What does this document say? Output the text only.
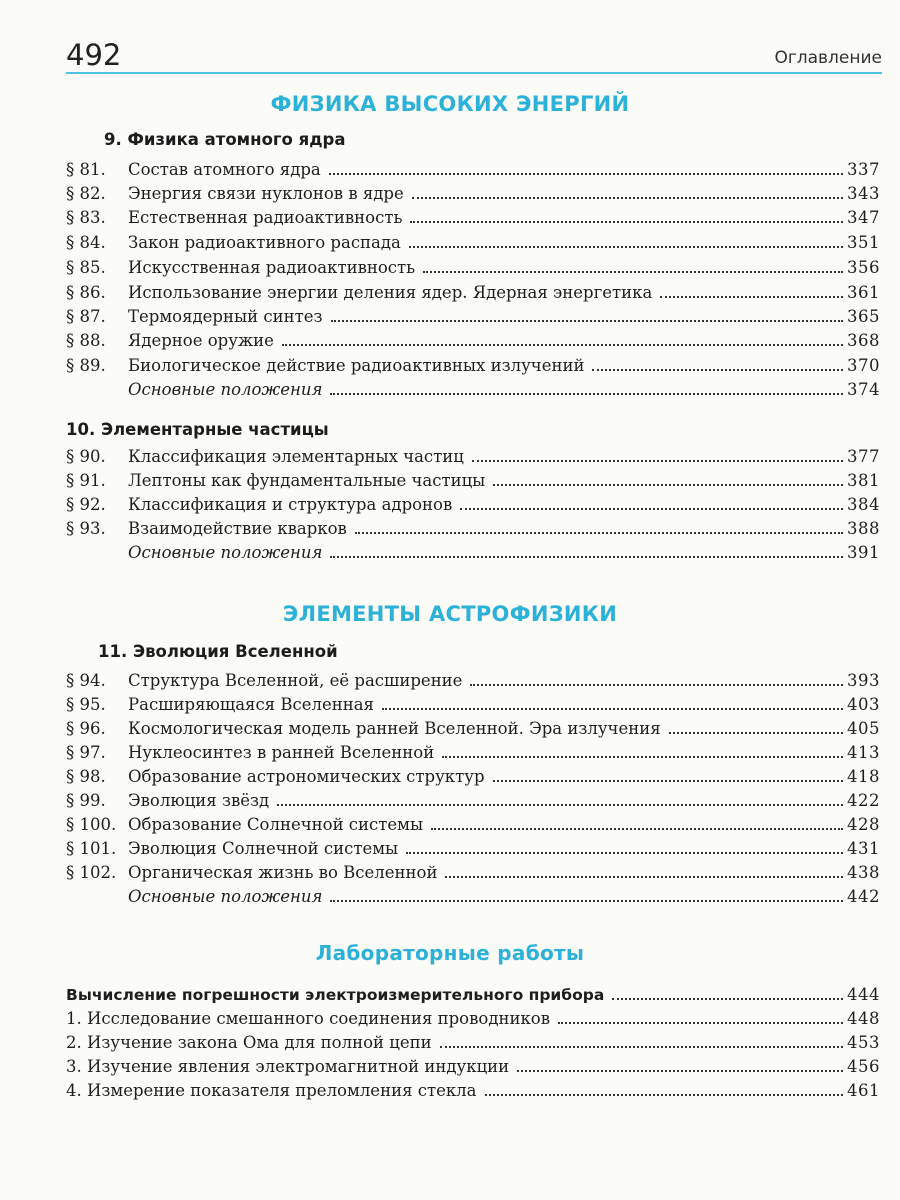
492	Оглавление
ФИЗИКА ВЫСОКИХ ЭНЕРГИЙ
9. Физика атомного ядра
§ 81. Состав атомного ядра	337
§ 82. Энергия связи нуклонов в ядре	343
§ 83. Естественная радиоактивность	347
§ 84. Закон радиоактивного распада	351
§ 85. Искусственная радиоактивность	356
§ 86. Использование энергии деления ядер. Ядерная энергетика	361
§ 87. Термоядерный синтез	365
§ 88. Ядерное оружие	368
§ 89. Биологическое действие радиоактивных излучений	370
Основные положения	374
10. Элементарные частицы
§ 90. Классификация элементарных частиц	377
§ 91. Лептоны как фундаментальные частицы	381
§ 92. Классификация и структура адронов	384
§ 93. Взаимодействие кварков	388
Основные положения	391
ЭЛЕМЕНТЫ АСТРОФИЗИКИ
11. Эволюция Вселенной
§ 94. Структура Вселенной, её расширение	393
§ 95. Расширяющаяся Вселенная	403
§ 96. Космологическая модель ранней Вселенной. Эра излучения	405
§ 97. Нуклеосинтез в ранней Вселенной	413
§ 98. Образование астрономических структур	418
§ 99. Эволюция звёзд	422
§ 100. Образование Солнечной системы	428
§ 101. Эволюция Солнечной системы	431
§ 102. Органическая жизнь во Вселенной	438
Основные положения	442
Лабораторные работы
Вычисление погрешности электроизмерительного прибора	444
1. Исследование смешанного соединения проводников	448
2. Изучение закона Ома для полной цепи	453
3. Изучение явления электромагнитной индукции	456
4. Измерение показателя преломления стекла	461
